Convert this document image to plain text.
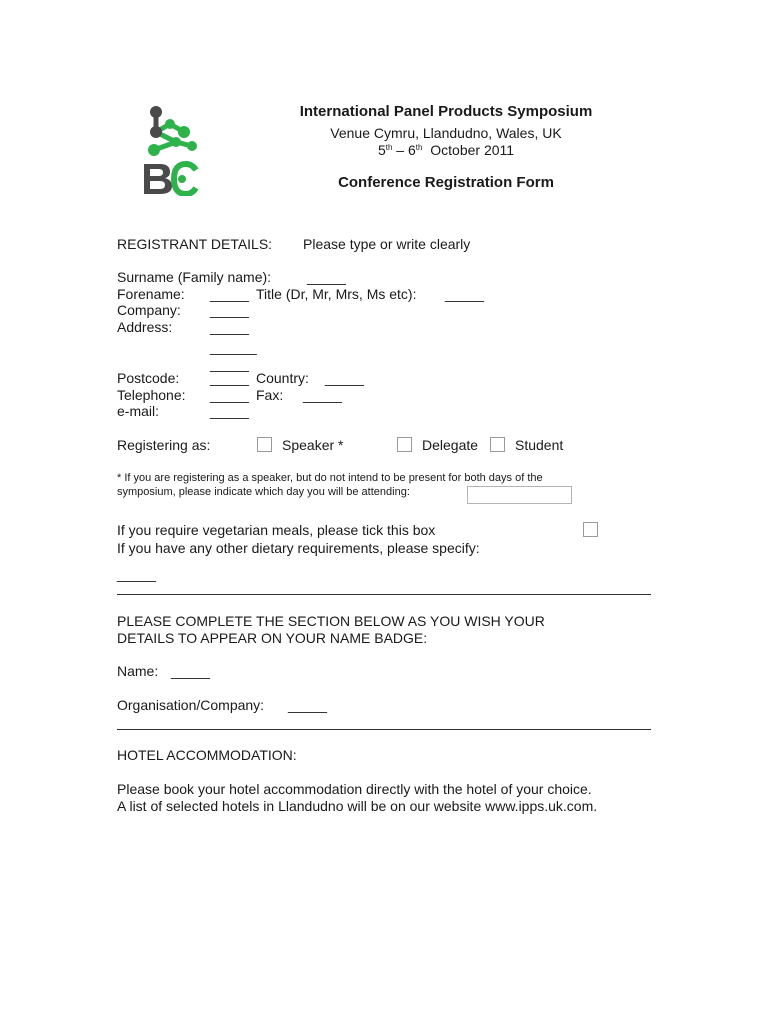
International Panel Products Symposium
Venue Cymru, Llandudno, Wales, UK
5th – 6th  October 2011
Conference Registration Form
REGISTRANT DETAILS: Please type or write clearly
Surname (Family name):	_____
Forename: _____ Title (Dr, Mr, Mrs, Ms etc): _____
Company: _____
Address:	_____
______
_____
Postcode: _____ Country: _____
Telephone: _____ Fax: _____
e-mail:	_____
Registering as:	Speaker *	Delegate	Student
* If you are registering as a speaker, but do not intend to be present for both days of the
symposium, please indicate which day you will be attending:
If you require vegetarian meals, please tick this box
If you have any other dietary requirements, please specify:
_____
PLEASE COMPLETE THE SECTION BELOW AS YOU WISH YOUR
DETAILS TO APPEAR ON YOUR NAME BADGE:
Name: _____
Organisation/Company: _____
HOTEL ACCOMMODATION:
Please book your hotel accommodation directly with the hotel of your choice.
A list of selected hotels in Llandudno will be on our website www.ipps.uk.com.
